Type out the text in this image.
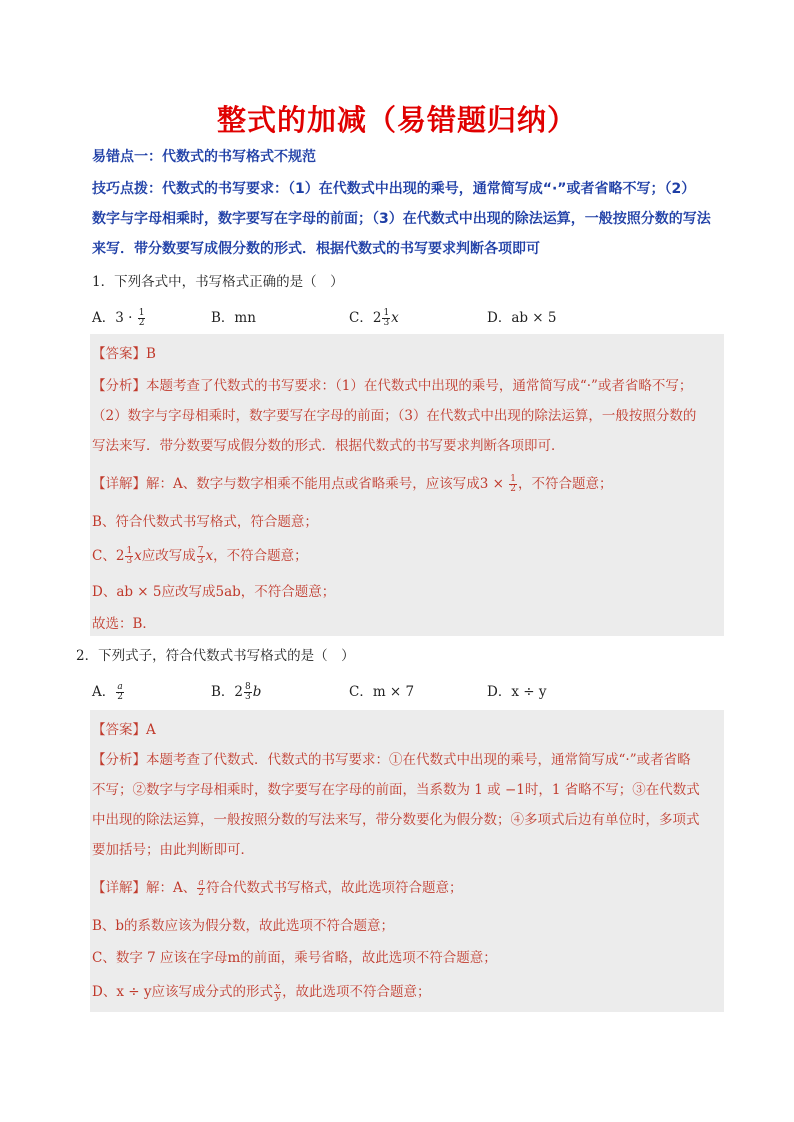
整式的加减（易错题归纳）
易错点一：代数式的书写格式不规范
技巧点拨：代数式的书写要求：（1）在代数式中出现的乘号，通常简写成“·”或者省略不写；（2）
数字与字母相乘时，数字要写在字母的前面；（3）在代数式中出现的除法运算，一般按照分数的写法
来写．带分数要写成假分数的形式．根据代数式的书写要求判断各项即可
1．下列各式中，书写格式正确的是（　）
A．$3 \cdot \frac{1}{2}$	B．mn	C．$2 \frac{1}{3}$ x	D．ab × 5
【答案】B
【分析】本题考查了代数式的书写要求：（1）在代数式中出现的乘号，通常简写成“·”或者省略不写；
（2）数字与字母相乘时，数字要写在字母的前面；（3）在代数式中出现的除法运算，一般按照分数的
写法来写．带分数要写成假分数的形式．根据代数式的书写要求判断各项即可．
【详解】解：A、数字与数字相乘不能用点或省略乘号，应该写成$3 \times \frac{1}{2}$ ，不符合题意；
B、符合代数式书写格式，符合题意；
C、$2 \frac{1}{3}$ x应改写成 $\frac{7}{3}$ x，不符合题意；
D、ab × 5应改写成5ab，不符合题意；
故选：B．
2．下列式子，符合代数式书写格式的是（　）
A． $\frac{a}{2}$	B．$2 \frac{8}{3}$ b	C．m × 7	D．x ÷ y
【答案】A
【分析】本题考查了代数式．代数式的书写要求：①在代数式中出现的乘号，通常简写成“·”或者省略
不写；②数字与字母相乘时，数字要写在字母的前面，当系数为 1 或 −1时，1 省略不写；③在代数式
中出现的除法运算，一般按照分数的写法来写，带分数要化为假分数；④多项式后边有单位时，多项式
要加括号；由此判断即可．
【详解】解：A、 $\frac{a}{2}$ 符合代数式书写格式，故此选项符合题意；
B、b的系数应该为假分数，故此选项不符合题意；
C、数字 7 应该在字母m的前面，乘号省略，故此选项不符合题意；
D、x ÷ y应该写成分式的形式 $\frac{x}{y}$ ，故此选项不符合题意；
